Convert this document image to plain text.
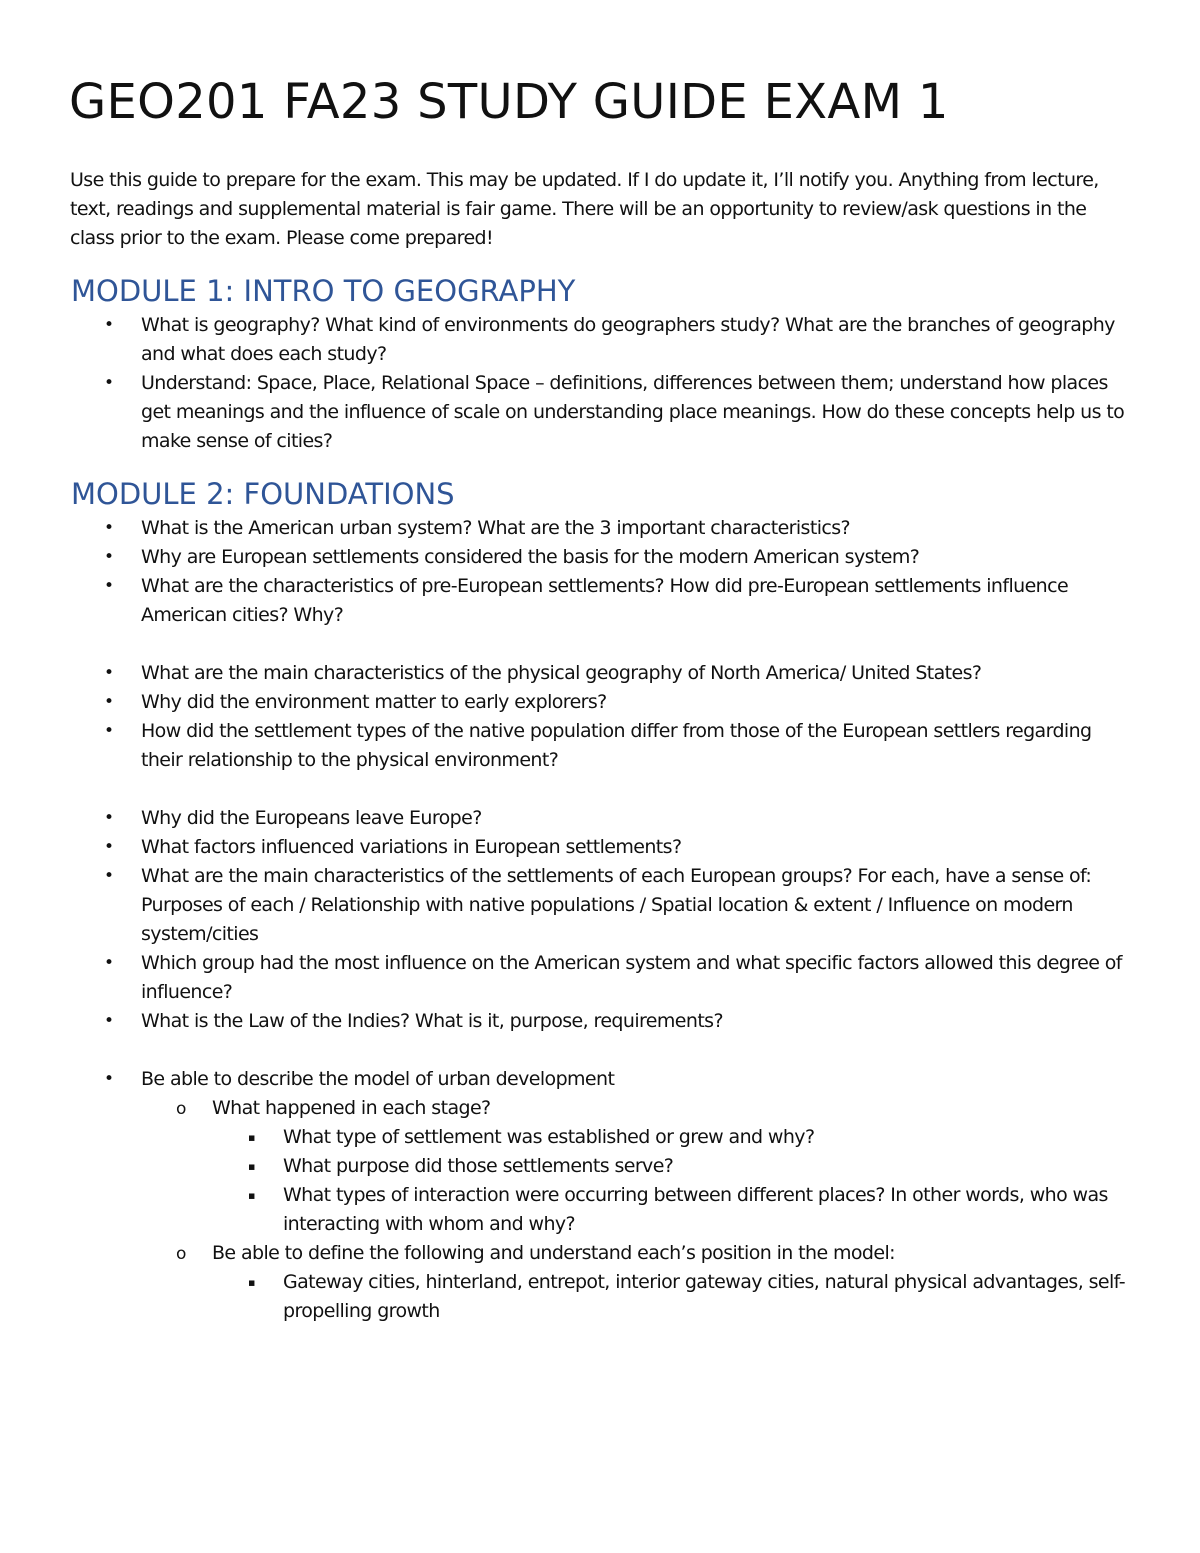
GEO201 FA23 STUDY GUIDE EXAM 1

Use this guide to prepare for the exam. This may be updated. If I do update it, I’ll notify you. Anything from lecture, text, readings and supplemental material is fair game. There will be an opportunity to review/ask questions in the class prior to the exam. Please come prepared!

MODULE 1: INTRO TO GEOGRAPHY
• What is geography? What kind of environments do geographers study? What are the branches of geography and what does each study?
• Understand: Space, Place, Relational Space – definitions, differences between them; understand how places get meanings and the influence of scale on understanding place meanings. How do these concepts help us to make sense of cities?
MODULE 2: FOUNDATIONS
• What is the American urban system? What are the 3 important characteristics?
• Why are European settlements considered the basis for the modern American system?
• What are the characteristics of pre-European settlements? How did pre-European settlements influence American cities? Why?
• What are the main characteristics of the physical geography of North America/ United States?
• Why did the environment matter to early explorers?
• How did the settlement types of the native population differ from those of the European settlers regarding their relationship to the physical environment?
• Why did the Europeans leave Europe?
• What factors influenced variations in European settlements?
• What are the main characteristics of the settlements of each European groups? For each, have a sense of: Purposes of each / Relationship with native populations / Spatial location & extent / Influence on modern system/cities
• Which group had the most influence on the American system and what specific factors allowed this degree of influence?
• What is the Law of the Indies? What is it, purpose, requirements?
• Be able to describe the model of urban development
o What happened in each stage?
▪ What type of settlement was established or grew and why?
▪ What purpose did those settlements serve?
▪ What types of interaction were occurring between different places? In other words, who was interacting with whom and why?
o Be able to define the following and understand each’s position in the model:
▪ Gateway cities, hinterland, entrepot, interior gateway cities, natural physical advantages, self-propelling growth
